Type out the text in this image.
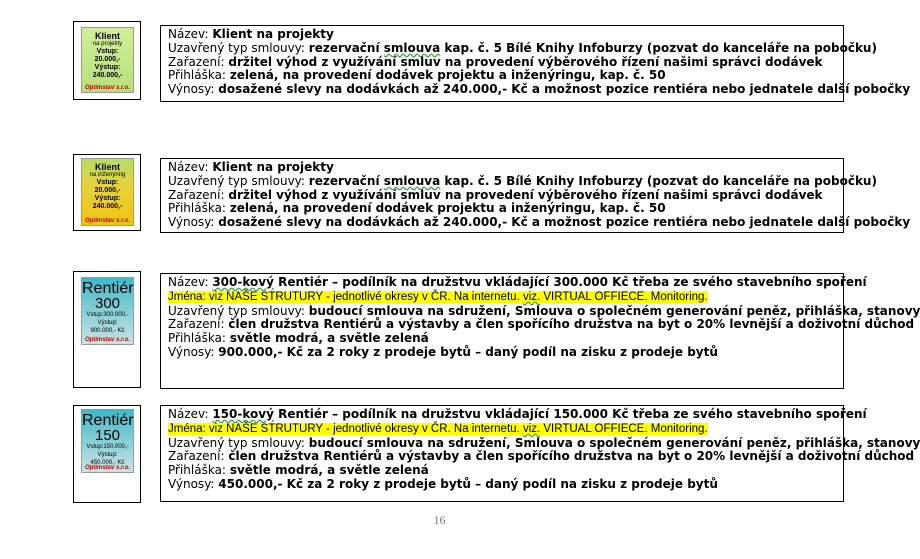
Klient
na projekty
Vstup:
20.000,-
Výstup:
240.000,-
Optimstav s.r.o.
Název: Klient na projekty
Uzavřený typ smlouvy: rezervační smlouva kap. č. 5 Bílé Knihy Infoburzy (pozvat do kanceláře na pobočku)
Zařazení: držitel výhod z využívání smluv na provedení výběrového řízení našimi správci dodávek
Přihláška: zelená, na provedení dodávek projektu a inženýringu, kap. č. 50
Výnosy: dosažené slevy na dodávkách až 240.000,- Kč a možnost pozice rentiéra nebo jednatele další pobočky
Klient
na inženýring
Vstup:
20.000,-
Výstup:
240.000,-
Optimstav s.r.o.
Název: Klient na projekty
Uzavřený typ smlouvy: rezervační smlouva kap. č. 5 Bílé Knihy Infoburzy (pozvat do kanceláře na pobočku)
Zařazení: držitel výhod z využívání smluv na provedení výběrového řízení našimi správci dodávek
Přihláška: zelená, na provedení dodávek projektu a inženýringu, kap. č. 50
Výnosy: dosažené slevy na dodávkách až 240.000,- Kč a možnost pozice rentiéra nebo jednatele další pobočky
Rentiér
300
Vstup:300.000,-
Výstup:
900.000,- Kč
Optimstav s.r.o.
Název: 300-kový Rentiér – podílník na družstvu vkládající 300.000 Kč třeba ze svého stavebního spoření
Jména: viz NAŠE STRUTURY - jednotlivé okresy v ČR. Na internetu. viz. VIRTUAL OFFIECE. Monitoring.
Uzavřený typ smlouvy: budoucí smlouva na sdružení, Smlouva o společném generování peněz, přihláška, stanovy
Zařazení: člen družstva Rentiérů a výstavby a člen spořícího družstva na byt o 20% levnější a doživotní důchod
Přihláška: světle modrá, a světle zelená
Výnosy: 900.000,- Kč za 2 roky z prodeje bytů – daný podíl na zisku z prodeje bytů
Rentiér
150
Vstup:150.000,-
Výstup:
450.000,- Kč
Optimstav s.r.o.
Název: 150-kový Rentiér – podílník na družstvu vkládající 150.000 Kč třeba ze svého stavebního spoření
Jména: viz NAŠE STRUTURY - jednotlivé okresy v ČR. Na internetu. viz. VIRTUAL OFFIECE. Monitoring.
Uzavřený typ smlouvy: budoucí smlouva na sdružení, Smlouva o společném generování peněz, přihláška, stanovy
Zařazení: člen družstva Rentiérů a výstavby a člen spořícího družstva na byt o 20% levnější a doživotní důchod
Přihláška: světle modrá, a světle zelená
Výnosy: 450.000,- Kč za 2 roky z prodeje bytů – daný podíl na zisku z prodeje bytů
16
